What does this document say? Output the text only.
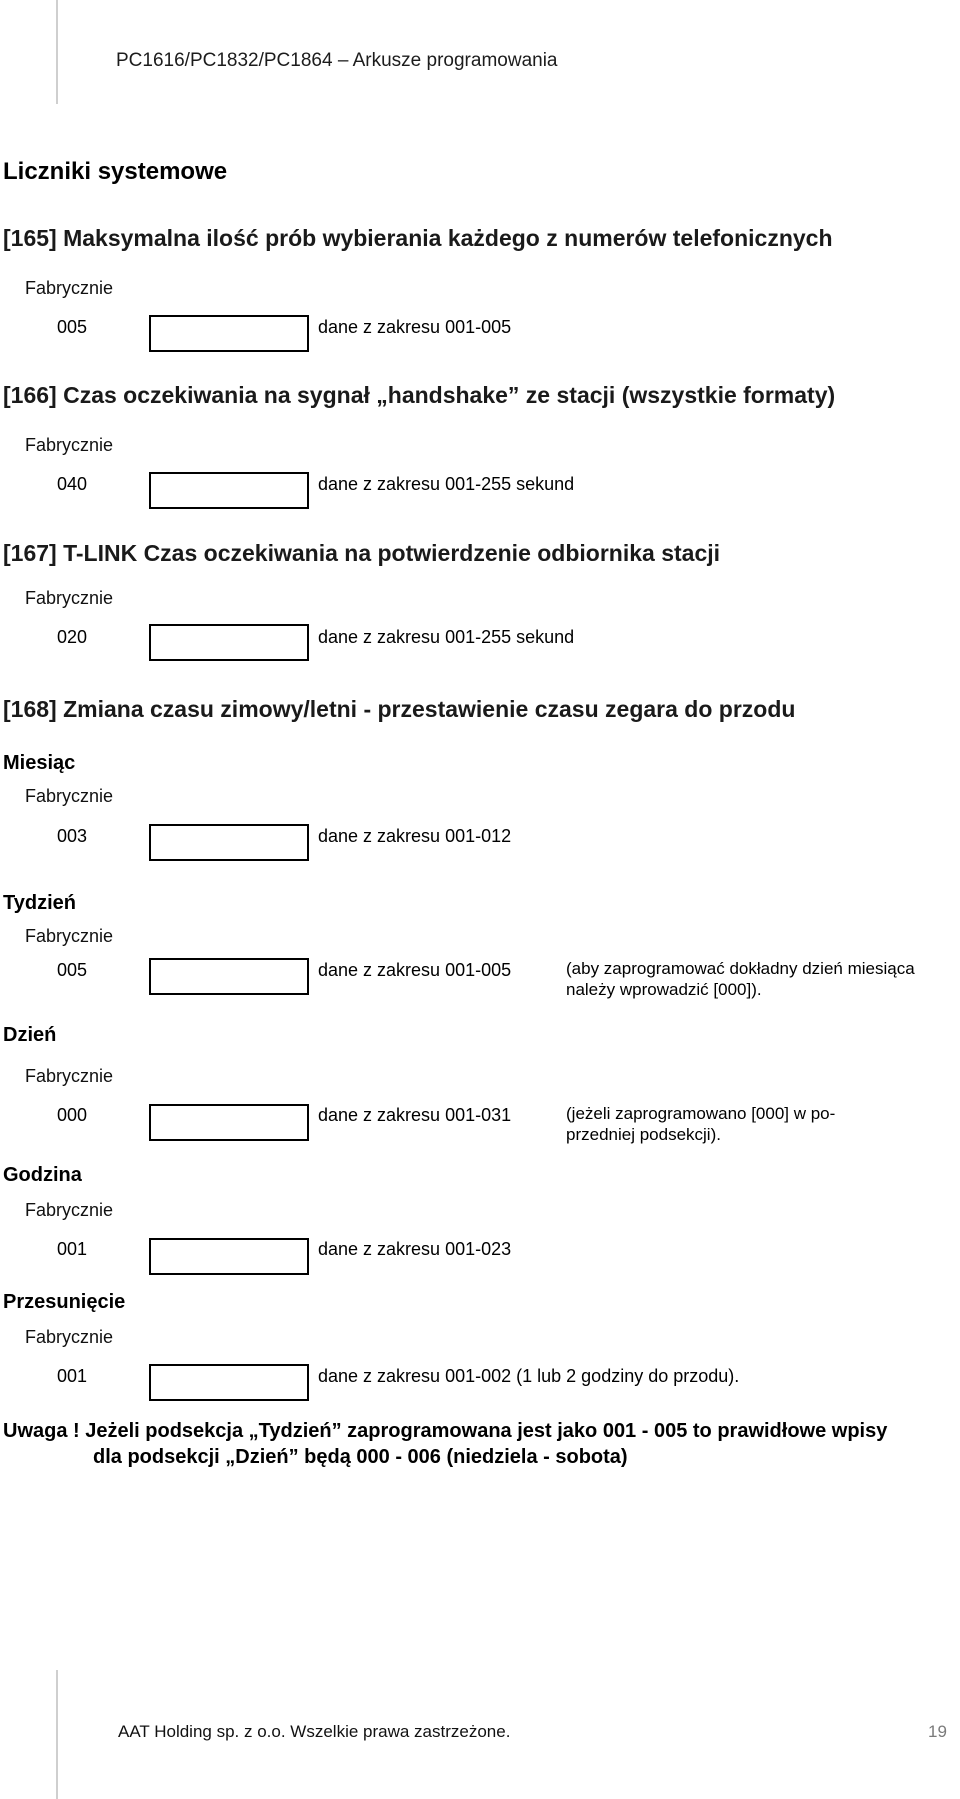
PC1616/PC1832/PC1864 – Arkusze programowania
Liczniki systemowe
[165] Maksymalna ilość prób wybierania każdego z numerów telefonicznych
Fabrycznie
005	dane z zakresu 001-005
[166] Czas oczekiwania na sygnał „handshake” ze stacji (wszystkie formaty)
Fabrycznie
040	dane z zakresu 001-255 sekund
[167] T-LINK Czas oczekiwania na potwierdzenie odbiornika stacji
Fabrycznie
020	dane z zakresu 001-255 sekund
[168] Zmiana czasu zimowy/letni - przestawienie czasu zegara do przodu
Miesiąc
Fabrycznie
003	dane z zakresu 001-012
Tydzień
Fabrycznie
005	dane z zakresu 001-005	(aby zaprogramować dokładny dzień miesiąca
należy wprowadzić [000]).
Dzień
Fabrycznie
000	dane z zakresu 001-031	(jeżeli zaprogramowano [000] w po-
przedniej podsekcji).
Godzina
Fabrycznie
001	dane z zakresu 001-023
Przesunięcie
Fabrycznie
001	dane z zakresu 001-002 (1 lub 2 godziny do przodu).
Uwaga ! Jeżeli podsekcja „Tydzień” zaprogramowana jest jako 001 - 005 to prawidłowe wpisy
dla podsekcji „Dzień” będą 000 - 006 (niedziela - sobota)
AAT Holding sp. z o.o. Wszelkie prawa zastrzeżone.	19
